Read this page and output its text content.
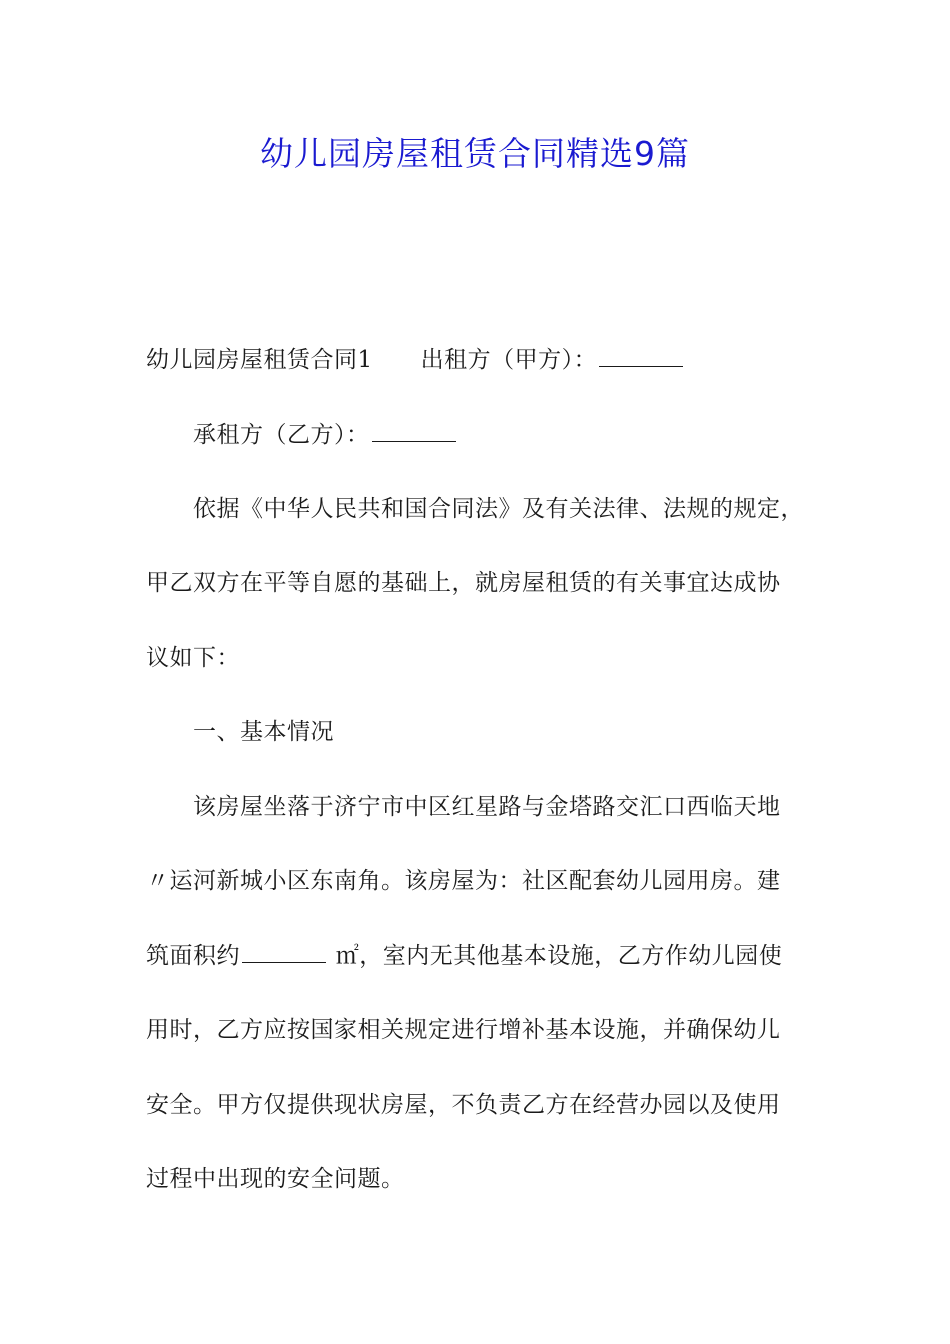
幼儿园房屋租赁合同精选9篇
幼儿园房屋租赁合同1 出租方（甲方）：
承租方（乙方）：
依据《中华人民共和国合同法》及有关法律、法规的规定，
甲乙双方在平等自愿的基础上，就房屋租赁的有关事宜达成协
议如下：
一、基本情况
该房屋坐落于济宁市中区红星路与金塔路交汇口西临天地
〃运河新城小区东南角。该房屋为：社区配套幼儿园用房。建
筑面积约	㎡，室内无其他基本设施，乙方作幼儿园使
用时，乙方应按国家相关规定进行增补基本设施，并确保幼儿
安全。甲方仅提供现状房屋，不负责乙方在经营办园以及使用
过程中出现的安全问题。
